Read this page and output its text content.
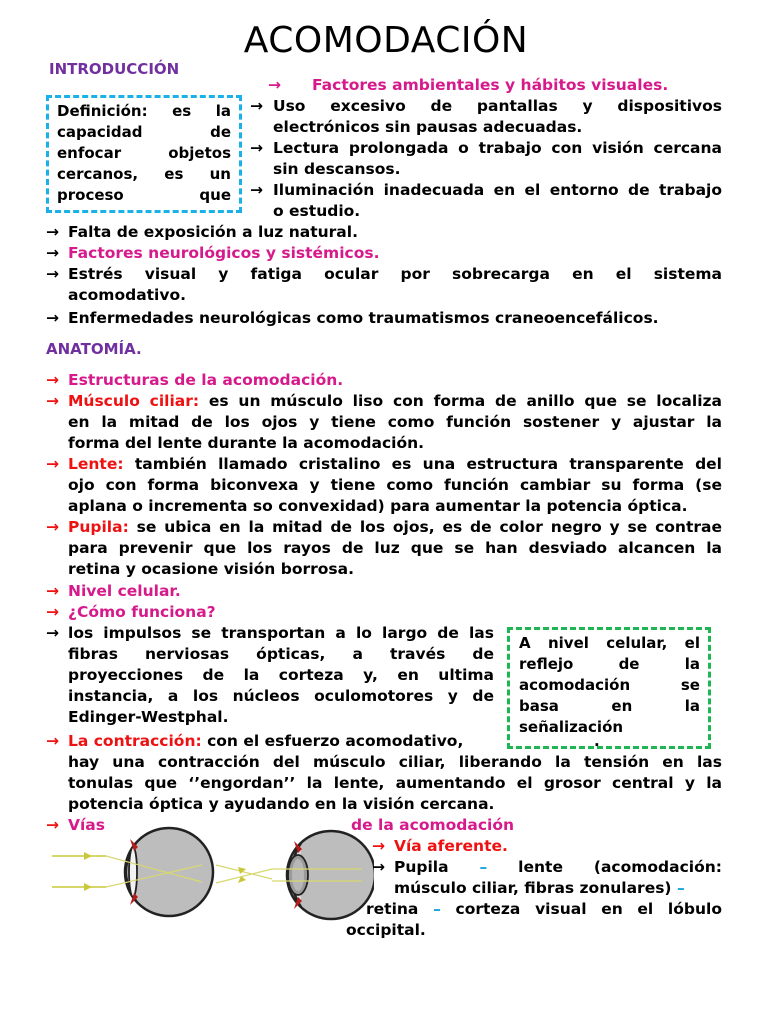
ACOMODACIÓN
INTRODUCCIÓN
Definición: es la
capacidad de
enfocar objetos
cercanos, es un
proceso que
→ Factores ambientales y hábitos visuales.
→ Uso excesivo de pantallas y dispositivos
electrónicos sin pausas adecuadas.
→ Lectura prolongada o trabajo con visión cercana
sin descansos.
→ Iluminación inadecuada en el entorno de trabajo
o estudio.
→ Falta de exposición a luz natural.
→ Factores neurológicos y sistémicos.
→ Estrés visual y fatiga ocular por sobrecarga en el sistema
acomodativo.
→ Enfermedades neurológicas como traumatismos craneoencefálicos.
ANATOMÍA.
→ Estructuras de la acomodación.
→ Músculo ciliar: es un músculo liso con forma de anillo que se localiza
en la mitad de los ojos y tiene como función sostener y ajustar la
forma del lente durante la acomodación.
→ Lente: también llamado cristalino es una estructura transparente del
ojo con forma biconvexa y tiene como función cambiar su forma (se
aplana o incrementa so convexidad) para aumentar la potencia óptica.
→ Pupila: se ubica en la mitad de los ojos, es de color negro y se contrae
para prevenir que los rayos de luz que se han desviado alcancen la
retina y ocasione visión borrosa.
→ Nivel celular.
→ ¿Cómo funciona?
→ los impulsos se transportan a lo largo de las
fibras nerviosas ópticas, a través de
proyecciones de la corteza y, en ultima
instancia, a los núcleos oculomotores y de
Edinger-Westphal.
A nivel celular, el
reflejo de la
acomodación se
basa en la
señalización
.
→ La contracción: con el esfuerzo acomodativo,
hay una contracción del músculo ciliar, liberando la tensión en las
tonulas que ‘’engordan’’ la lente, aumentando el grosor central y la
potencia óptica y ayudando en la visión cercana.
→ Vías	de la acomodación
→ Vía aferente.
→ Pupila – lente (acomodación:
músculo ciliar, fibras zonulares) –
retina – corteza visual en el lóbulo
occipital.
